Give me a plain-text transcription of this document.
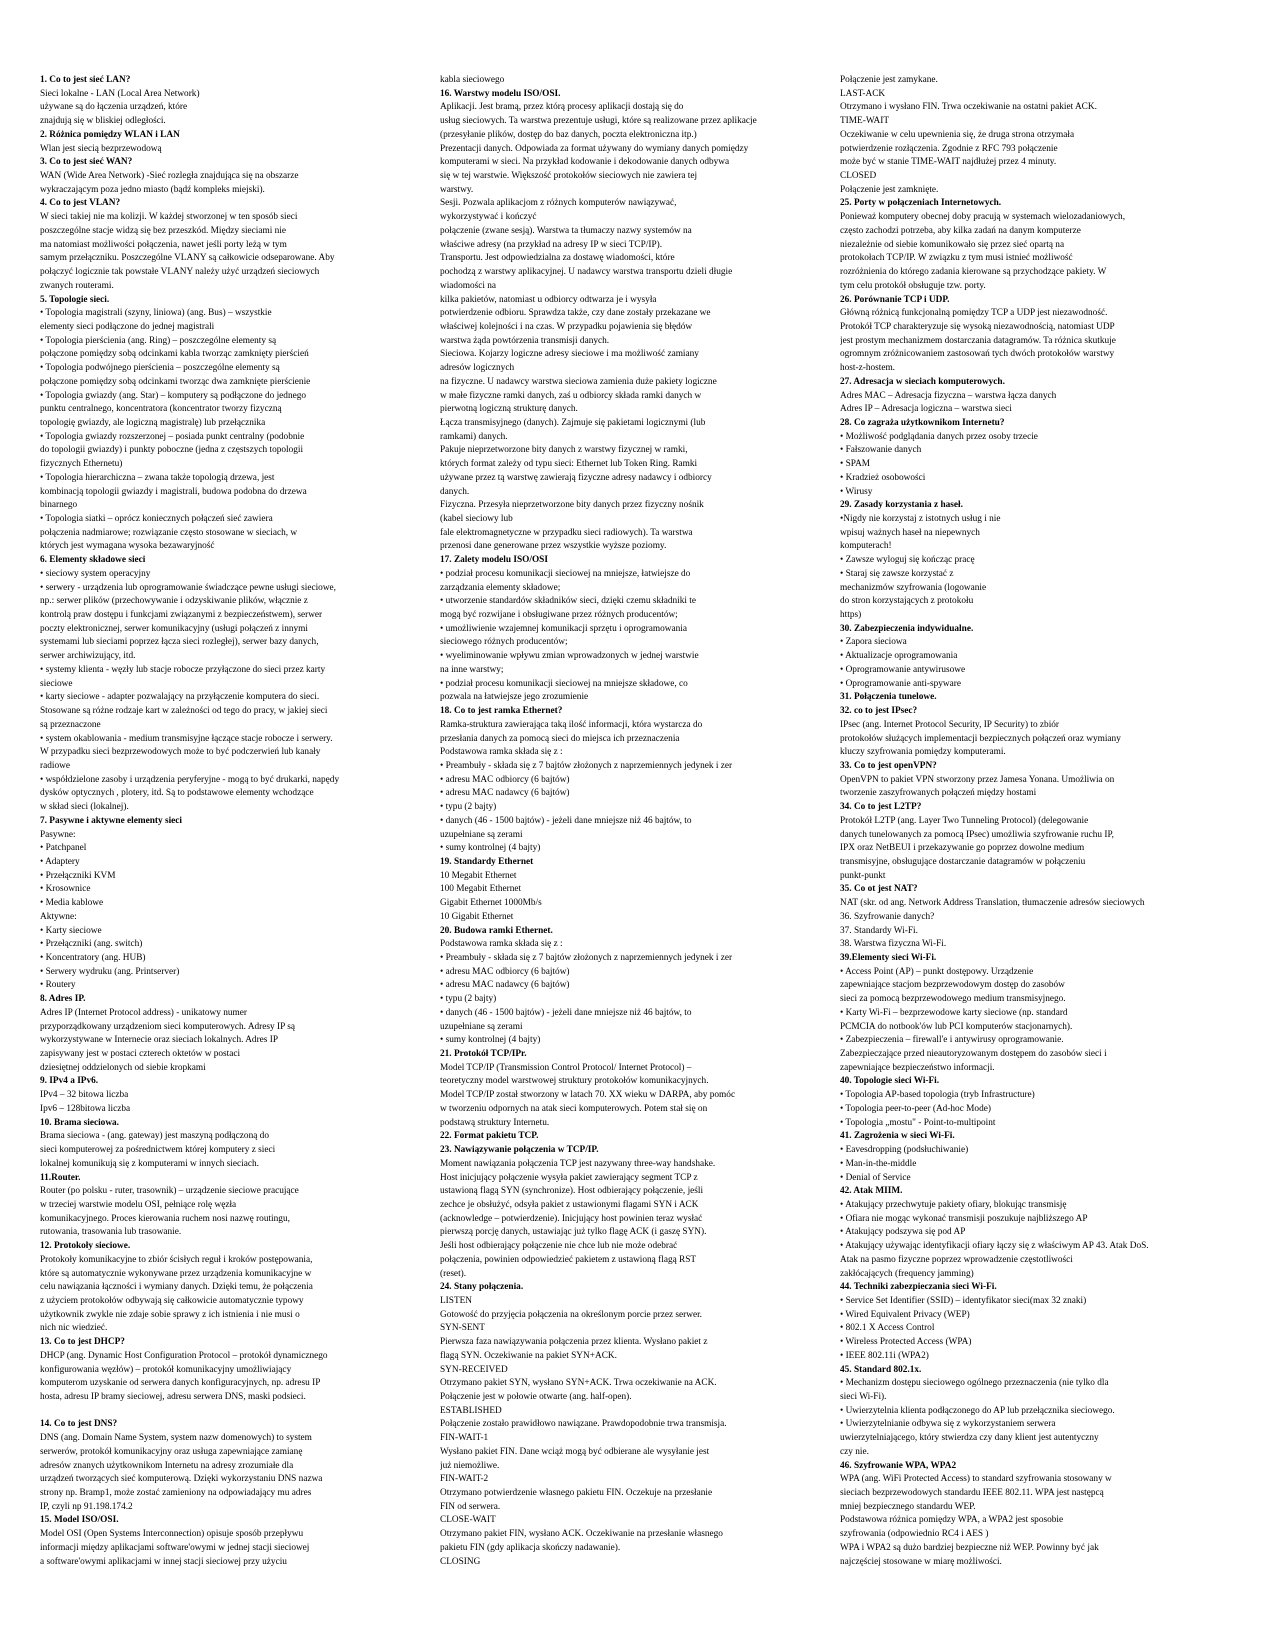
1. Co to jest sieć LAN?
Sieci lokalne - LAN (Local Area Network)
używane są do łączenia urządzeń, które
znajdują się w bliskiej odległości.
2. Różnica pomiędzy WLAN i LAN
Wlan jest siecią bezprzewodową
3. Co to jest sieć WAN?
WAN (Wide Area Network) -Sieć rozległa znajdująca się na obszarze
wykraczającym poza jedno miasto (bądź kompleks miejski).
4. Co to jest VLAN?
W sieci takiej nie ma kolizji. W każdej stworzonej w ten sposób sieci
poszczególne stacje widzą się bez przeszkód. Między sieciami nie
ma natomiast możliwości połączenia, nawet jeśli porty leżą w tym
samym przełączniku. Poszczególne VLANY są całkowicie odseparowane. Aby
połączyć logicznie tak powstałe VLANY należy użyć urządzeń sieciowych
zwanych routerami.
5. Topologie sieci.
• Topologia magistrali (szyny, liniowa) (ang. Bus) – wszystkie
elementy sieci podłączone do jednej magistrali
• Topologia pierścienia (ang. Ring) – poszczególne elementy są
połączone pomiędzy sobą odcinkami kabla tworząc zamknięty pierścień
• Topologia podwójnego pierścienia – poszczególne elementy są
połączone pomiędzy sobą odcinkami tworząc dwa zamknięte pierścienie
• Topologia gwiazdy (ang. Star) – komputery są podłączone do jednego
punktu centralnego, koncentratora (koncentrator tworzy fizyczną
topologię gwiazdy, ale logiczną magistralę) lub przełącznika
• Topologia gwiazdy rozszerzonej – posiada punkt centralny (podobnie
do topologii gwiazdy) i punkty poboczne (jedna z częstszych topologii
fizycznych Ethernetu)
• Topologia hierarchiczna – zwana także topologią drzewa, jest
kombinacją topologii gwiazdy i magistrali, budowa podobna do drzewa
binarnego
• Topologia siatki – oprócz koniecznych połączeń sieć zawiera
połączenia nadmiarowe; rozwiązanie często stosowane w sieciach, w
których jest wymagana wysoka bezawaryjność
6. Elementy składowe sieci
• sieciowy system operacyjny
• serwery - urządzenia lub oprogramowanie świadczące pewne usługi sieciowe,
np.: serwer plików (przechowywanie i odzyskiwanie plików, włącznie z
kontrolą praw dostępu i funkcjami związanymi z bezpieczeństwem), serwer
poczty elektronicznej, serwer komunikacyjny (usługi połączeń z innymi
systemami lub sieciami poprzez łącza sieci rozległej), serwer bazy danych,
serwer archiwizujący, itd.
• systemy klienta - węzły lub stacje robocze przyłączone do sieci przez karty
sieciowe
• karty sieciowe - adapter pozwalający na przyłączenie komputera do sieci.
Stosowane są różne rodzaje kart w zależności od tego do pracy, w jakiej sieci
są przeznaczone
• system okablowania - medium transmisyjne łączące stacje robocze i serwery.
W przypadku sieci bezprzewodowych może to być podczerwień lub kanały
radiowe
• współdzielone zasoby i urządzenia peryferyjne - mogą to być drukarki, napędy
dysków optycznych , plotery, itd. Są to podstawowe elementy wchodzące
w skład sieci (lokalnej).
7. Pasywne i aktywne elementy sieci
Pasywne:
• Patchpanel
• Adaptery
• Przełączniki KVM
• Krosownice
• Media kablowe
Aktywne:
• Karty sieciowe
• Przełączniki (ang. switch)
• Koncentratory (ang. HUB)
• Serwery wydruku (ang. Printserver)
• Routery
8. Adres IP.
Adres IP (Internet Protocol address) - unikatowy numer
przyporządkowany urządzeniom sieci komputerowych. Adresy IP są
wykorzystywane w Internecie oraz sieciach lokalnych. Adres IP
zapisywany jest w postaci czterech oktetów w postaci
dziesiętnej oddzielonych od siebie kropkami
9. IPv4 a IPv6.
IPv4 – 32 bitowa liczba
Ipv6 – 128bitowa liczba
10. Brama sieciowa.
Brama sieciowa - (ang. gateway) jest maszyną podłączoną do
sieci komputerowej za pośrednictwem której komputery z sieci
lokalnej komunikują się z komputerami w innych sieciach.
11.Router.
Router (po polsku - ruter, trasownik) – urządzenie sieciowe pracujące
w trzeciej warstwie modelu OSI, pełniące rolę węzła
komunikacyjnego. Proces kierowania ruchem nosi nazwę routingu,
rutowania, trasowania lub trasowanie.
12. Protokoły sieciowe.
Protokoły komunikacyjne to zbiór ścisłych reguł i kroków postępowania,
które są automatycznie wykonywane przez urządzenia komunikacyjne w
celu nawiązania łączności i wymiany danych. Dzięki temu, że połączenia
z użyciem protokołów odbywają się całkowicie automatycznie typowy
użytkownik zwykle nie zdaje sobie sprawy z ich istnienia i nie musi o
nich nic wiedzieć.
13. Co to jest DHCP?
DHCP (ang. Dynamic Host Configuration Protocol – protokół dynamicznego
konfigurowania węzłów) – protokół komunikacyjny umożliwiający
komputerom uzyskanie od serwera danych konfiguracyjnych, np. adresu IP
hosta, adresu IP bramy sieciowej, adresu serwera DNS, maski podsieci.
14. Co to jest DNS?
DNS (ang. Domain Name System, system nazw domenowych) to system
serwerów, protokół komunikacyjny oraz usługa zapewniające zamianę
adresów znanych użytkownikom Internetu na adresy zrozumiałe dla
urządzeń tworzących sieć komputerową. Dzięki wykorzystaniu DNS nazwa
strony np. Bramp1, może zostać zamieniony na odpowiadający mu adres
IP, czyli np 91.198.174.2
15. Model ISO/OSI.
Model OSI (Open Systems Interconnection) opisuje sposób przepływu
informacji między aplikacjami software'owymi w jednej stacji sieciowej
a software'owymi aplikacjami w innej stacji sieciowej przy użyciu
kabla sieciowego
16. Warstwy modelu ISO/OSI.
Aplikacji. Jest bramą, przez którą procesy aplikacji dostają się do
usług sieciowych. Ta warstwa prezentuje usługi, które są realizowane przez aplikacje
(przesyłanie plików, dostęp do baz danych, poczta elektroniczna itp.)
Prezentacji danych. Odpowiada za format używany do wymiany danych pomiędzy
komputerami w sieci. Na przykład kodowanie i dekodowanie danych odbywa
się w tej warstwie. Większość protokołów sieciowych nie zawiera tej
warstwy.
Sesji. Pozwala aplikacjom z różnych komputerów nawiązywać,
wykorzystywać i kończyć
połączenie (zwane sesją). Warstwa ta tłumaczy nazwy systemów na
właściwe adresy (na przykład na adresy IP w sieci TCP/IP).
Transportu. Jest odpowiedzialna za dostawę wiadomości, które
pochodzą z warstwy aplikacyjnej. U nadawcy warstwa transportu dzieli długie
wiadomości na
kilka pakietów, natomiast u odbiorcy odtwarza je i wysyła
potwierdzenie odbioru. Sprawdza także, czy dane zostały przekazane we
właściwej kolejności i na czas. W przypadku pojawienia się błędów
warstwa żąda powtórzenia transmisji danych.
Sieciowa. Kojarzy logiczne adresy sieciowe i ma możliwość zamiany
adresów logicznych
na fizyczne. U nadawcy warstwa sieciowa zamienia duże pakiety logiczne
w małe fizyczne ramki danych, zaś u odbiorcy składa ramki danych w
pierwotną logiczną strukturę danych.
Łącza transmisyjnego (danych). Zajmuje się pakietami logicznymi (lub
ramkami) danych.
Pakuje nieprzetworzone bity danych z warstwy fizycznej w ramki,
których format zależy od typu sieci: Ethernet lub Token Ring. Ramki
używane przez tą warstwę zawierają fizyczne adresy nadawcy i odbiorcy
danych.
Fizyczna. Przesyła nieprzetworzone bity danych przez fizyczny nośnik
(kabel sieciowy lub
fale elektromagnetyczne w przypadku sieci radiowych). Ta warstwa
przenosi dane generowane przez wszystkie wyższe poziomy.
17. Zalety modelu ISO/OSI
• podział procesu komunikacji sieciowej na mniejsze, łatwiejsze do
zarządzania elementy składowe;
• utworzenie standardów składników sieci, dzięki czemu składniki te
mogą być rozwijane i obsługiwane przez różnych producentów;
• umożliwienie wzajemnej komunikacji sprzętu i oprogramowania
sieciowego różnych producentów;
• wyeliminowanie wpływu zmian wprowadzonych w jednej warstwie
na inne warstwy;
• podział procesu komunikacji sieciowej na mniejsze składowe, co
pozwala na łatwiejsze jego zrozumienie
18. Co to jest ramka Ethernet?
Ramka-struktura zawierająca taką ilość informacji, która wystarcza do
przesłania danych za pomocą sieci do miejsca ich przeznaczenia
Podstawowa ramka składa się z :
• Preambuły - składa się z 7 bajtów złożonych z naprzemiennych jedynek i zer
• adresu MAC odbiorcy (6 bajtów)
• adresu MAC nadawcy (6 bajtów)
• typu (2 bajty)
• danych (46 - 1500 bajtów) - jeżeli dane mniejsze niż 46 bajtów, to
uzupełniane są zerami
• sumy kontrolnej (4 bajty)
19. Standardy Ethernet
10 Megabit Ethernet
100 Megabit Ethernet
Gigabit Ethernet 1000Mb/s
10 Gigabit Ethernet
20. Budowa ramki Ethernet.
Podstawowa ramka składa się z :
• Preambuły - składa się z 7 bajtów złożonych z naprzemiennych jedynek i zer
• adresu MAC odbiorcy (6 bajtów)
• adresu MAC nadawcy (6 bajtów)
• typu (2 bajty)
• danych (46 - 1500 bajtów) - jeżeli dane mniejsze niż 46 bajtów, to
uzupełniane są zerami
• sumy kontrolnej (4 bajty)
21. Protokół TCP/IPr.
Model TCP/IP (Transmission Control Protocol/ Internet Protocol) –
teoretyczny model warstwowej struktury protokołów komunikacyjnych.
Model TCP/IP został stworzony w latach 70. XX wieku w DARPA, aby pomóc
w tworzeniu odpornych na atak sieci komputerowych. Potem stał się on
podstawą struktury Internetu.
22. Format pakietu TCP.
23. Nawiązywanie połączenia w TCP/IP.
Moment nawiązania połączenia TCP jest nazywany three-way handshake.
Host inicjujący połączenie wysyła pakiet zawierający segment TCP z
ustawioną flagą SYN (synchronize). Host odbierający połączenie, jeśli
zechce je obsłużyć, odsyła pakiet z ustawionymi flagami SYN i ACK
(acknowledge – potwierdzenie). Inicjujący host powinien teraz wysłać
pierwszą porcję danych, ustawiając już tylko flagę ACK (i gaszę SYN).
Jeśli host odbierający połączenie nie chce lub nie może odebrać
połączenia, powinien odpowiedzieć pakietem z ustawioną flagą RST
(reset).
24. Stany połączenia.
LISTEN
Gotowość do przyjęcia połączenia na określonym porcie przez serwer.
SYN-SENT
Pierwsza faza nawiązywania połączenia przez klienta. Wysłano pakiet z
flagą SYN. Oczekiwanie na pakiet SYN+ACK.
SYN-RECEIVED
Otrzymano pakiet SYN, wysłano SYN+ACK. Trwa oczekiwanie na ACK.
Połączenie jest w połowie otwarte (ang. half-open).
ESTABLISHED
Połączenie zostało prawidłowo nawiązane. Prawdopodobnie trwa transmisja.
FIN-WAIT-1
Wysłano pakiet FIN. Dane wciąż mogą być odbierane ale wysyłanie jest
już niemożliwe.
FIN-WAIT-2
Otrzymano potwierdzenie własnego pakietu FIN. Oczekuje na przesłanie
FIN od serwera.
CLOSE-WAIT
Otrzymano pakiet FIN, wysłano ACK. Oczekiwanie na przesłanie własnego
pakietu FIN (gdy aplikacja skończy nadawanie).
CLOSING
Połączenie jest zamykane.
LAST-ACK
Otrzymano i wysłano FIN. Trwa oczekiwanie na ostatni pakiet ACK.
TIME-WAIT
Oczekiwanie w celu upewnienia się, że druga strona otrzymała
potwierdzenie rozłączenia. Zgodnie z RFC 793 połączenie
może być w stanie TIME-WAIT najdłużej przez 4 minuty.
CLOSED
Połączenie jest zamknięte.
25. Porty w połączeniach Internetowych.
Ponieważ komputery obecnej doby pracują w systemach wielozadaniowych,
często zachodzi potrzeba, aby kilka zadań na danym komputerze
niezależnie od siebie komunikowało się przez sieć opartą na
protokołach TCP/IP. W związku z tym musi istnieć możliwość
rozróżnienia do którego zadania kierowane są przychodzące pakiety. W
tym celu protokół obsługuje tzw. porty.
26. Porównanie TCP i UDP.
Główną różnicą funkcjonalną pomiędzy TCP a UDP jest niezawodność.
Protokół TCP charakteryzuje się wysoką niezawodnością, natomiast UDP
jest prostym mechanizmem dostarczania datagramów. Ta różnica skutkuje
ogromnym zróżnicowaniem zastosowań tych dwóch protokołów warstwy
host-z-hostem.
27. Adresacja w sieciach komputerowych.
Adres MAC – Adresacja fizyczna – warstwa łącza danych
Adres IP – Adresacja logiczna – warstwa sieci
28. Co zagraża użytkownikom Internetu?
• Możliwość podglądania danych przez osoby trzecie
• Fałszowanie danych
• SPAM
• Kradzież osobowości
• Wirusy
29. Zasady korzystania z haseł.
•Nigdy nie korzystaj z istotnych usług i nie
wpisuj ważnych haseł na niepewnych
komputerach!
• Zawsze wyloguj się kończąc pracę
• Staraj się zawsze korzystać z
mechanizmów szyfrowania (logowanie
do stron korzystających z protokołu
https)
30. Zabezpieczenia indywidualne.
• Zapora sieciowa
• Aktualizacje oprogramowania
• Oprogramowanie antywirusowe
• Oprogramowanie anti-spyware
31. Połączenia tunelowe.
32. co to jest IPsec?
IPsec (ang. Internet Protocol Security, IP Security) to zbiór
protokołów służących implementacji bezpiecznych połączeń oraz wymiany
kluczy szyfrowania pomiędzy komputerami.
33. Co to jest openVPN?
OpenVPN to pakiet VPN stworzony przez Jamesa Yonana. Umożliwia on
tworzenie zaszyfrowanych połączeń między hostami
34. Co to jest L2TP?
Protokół L2TP (ang. Layer Two Tunneling Protocol) (delegowanie
danych tunelowanych za pomocą IPsec) umożliwia szyfrowanie ruchu IP,
IPX oraz NetBEUI i przekazywanie go poprzez dowolne medium
transmisyjne, obsługujące dostarczanie datagramów w połączeniu
punkt-punkt
35. Co ot jest NAT?
NAT (skr. od ang. Network Address Translation, tłumaczenie adresów sieciowych
36. Szyfrowanie danych?
37. Standardy Wi-Fi.
38. Warstwa fizyczna Wi-Fi.
39.Elementy sieci Wi-Fi.
• Access Point (AP) – punkt dostępowy. Urządzenie
zapewniające stacjom bezprzewodowym dostęp do zasobów
sieci za pomocą bezprzewodowego medium transmisyjnego.
• Karty Wi-Fi – bezprzewodowe karty sieciowe (np. standard
PCMCIA do notbook'ów lub PCI komputerów stacjonarnych).
• Zabezpieczenia – firewall'e i antywirusy oprogramowanie.
Zabezpieczające przed nieautoryzowanym dostępem do zasobów sieci i
zapewniające bezpieczeństwo informacji.
40. Topologie sieci Wi-Fi.
• Topologia AP-based topologia (tryb Infrastructure)
• Topologia peer-to-peer (Ad-hoc Mode)
• Topologia „mostu" - Point-to-multipoint
41. Zagrożenia w sieci Wi-Fi.
• Eavesdropping (podsłuchiwanie)
• Man-in-the-middle
• Denial of Service
42. Atak MIIM.
• Atakujący przechwytuje pakiety ofiary, blokując transmisję
• Ofiara nie mogąc wykonać transmisji poszukuje najbliższego AP
• Atakujący podszywa się pod AP
• Atakujący używając identyfikacji ofiary łączy się z właściwym AP 43. Atak DoS.
Atak na pasmo fizyczne poprzez wprowadzenie częstotliwości
zakłócających (frequency jamming)
44. Techniki zabezpieczania sieci Wi-Fi.
• Service Set Identifier (SSID) – identyfikator sieci(max 32 znaki)
• Wired Equivalent Privacy (WEP)
• 802.1 X Access Control
• Wireless Protected Access (WPA)
• IEEE 802.11i (WPA2)
45. Standard 802.1x.
• Mechanizm dostępu sieciowego ogólnego przeznaczenia (nie tylko dla
sieci Wi-Fi).
• Uwierzytelnia klienta podłączonego do AP lub przełącznika sieciowego.
• Uwierzytelnianie odbywa się z wykorzystaniem serwera
uwierzytelniającego, który stwierdza czy dany klient jest autentyczny
czy nie.
46. Szyfrowanie WPA, WPA2
WPA (ang. WiFi Protected Access) to standard szyfrowania stosowany w
sieciach bezprzewodowych standardu IEEE 802.11. WPA jest następcą
mniej bezpiecznego standardu WEP.
Podstawowa różnica pomiędzy WPA, a WPA2 jest sposobie
szyfrowania (odpowiednio RC4 i AES )
WPA i WPA2 są dużo bardziej bezpieczne niż WEP. Powinny być jak
najczęściej stosowane w miarę możliwości.
